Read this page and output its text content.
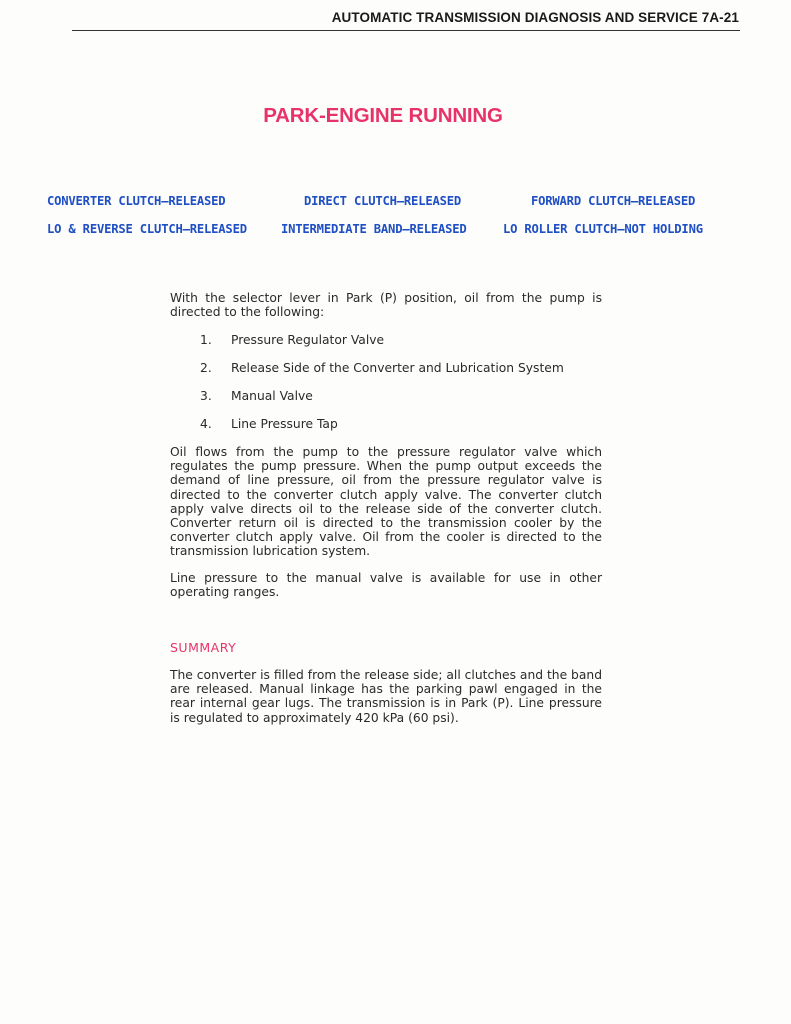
AUTOMATIC TRANSMISSION DIAGNOSIS AND SERVICE 7A-21
PARK-ENGINE RUNNING
CONVERTER CLUTCH–RELEASED	DIRECT CLUTCH–RELEASED	FORWARD CLUTCH–RELEASED
LO & REVERSE CLUTCH–RELEASED	INTERMEDIATE BAND–RELEASED	LO ROLLER CLUTCH–NOT HOLDING
With the selector lever in Park (P) position, oil from the pump is directed to the following:
1. Pressure Regulator Valve
2. Release Side of the Converter and Lubrication System
3. Manual Valve
4. Line Pressure Tap
Oil flows from the pump to the pressure regulator valve which regulates the pump pressure. When the pump output exceeds the demand of line pressure, oil from the pressure regulator valve is directed to the converter clutch apply valve. The converter clutch apply valve directs oil to the release side of the converter clutch. Converter return oil is directed to the transmission cooler by the converter clutch apply valve. Oil from the cooler is directed to the transmission lubrication system.
Line pressure to the manual valve is available for use in other operating ranges.
SUMMARY
The converter is filled from the release side; all clutches and the band are released. Manual linkage has the parking pawl engaged in the rear internal gear lugs. The transmission is in Park (P). Line pressure is regulated to approximately 420 kPa (60 psi).
